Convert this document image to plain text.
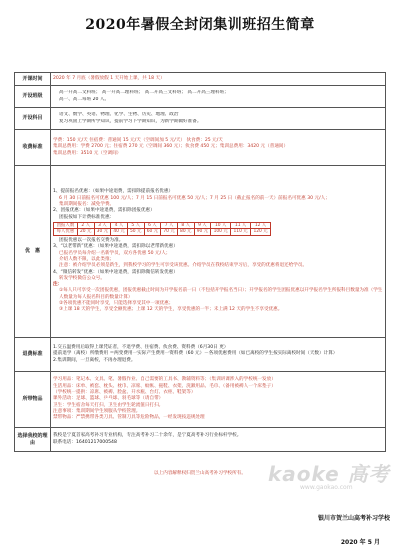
2020年暑假全封闭集训班招生简章
开课时间	2020 年 7 月底（暑假放假 1 天开始上课，共 18 天）
开设班级	
高一升高二文科班； 高一升高二理科班； 高二升高三文科班； 高二升高三理科班；
高一、高二每班 20 人。

开设科目	
语文、数学、英语、物理、化学、生物、历史、地理、政治
复习巩固上学期所学知识，提前学习下学期知识，为新学期做好准备。

收费标准	
学费：150 元/天 住宿费：普通间 15 元/天（空调间加 5 元/天） 伙食费：25 元/天
集训总费用：学费 2700 元；住宿费 270 元（空调间 360 元）；伙食费 450 元；集训总费用：3420 元（普通间）
集训总费用：3510 元（空调间）

优　惠	
1、提前报名优惠：（如果中途退费，需扣除提前报名优惠）
6 月 30 日前报名可优惠 100 元/人；7 月 15 日前报名可优惠 50 元/人；7 月 25 日（截止报名的前一天）前报名可优惠 30 元/人；
集训期间报名：减免学费。
2、团报优惠：（如果中途退费，需扣除团报优惠）
团报按如下计费标准优惠：
团报人数	2 人	3 人	4 人	5 人	6 人	7 人	8 人	9 人	10 人	11 人	12 人
每人优惠	20 元	30 元	40 元	50 元	60 元	70 元	80 元	90 元	100 元	110 元	120 元
团报优惠以一次报名交费为准。
3、“以老带新”优惠：（如果中途退费，需扣除以老带新优惠）
已报名学员每介绍一名新学员，双方各优惠 50 元/人；
介绍人数不限，以此类推；
注意：被介绍学员必须是新生，到我校学习的学生可享受该优惠。介绍学员在我校结束学习后，享受的优惠将退还给学员。
4、“微信转发”优惠：（如果中途退费，需扣除微信转发优惠）
转发学校微信公众号。
注：
①每人只可享受一次团报优惠，团报优惠截止时间为开学报名前一日（不包括开学报名当日）；开学报名的学生团报优惠以开学报名学生所报科目数量为准（学生人数量为每人报名科目的数量计算）
②各项优惠不能同时享受，只能选择享受其中一项优惠；
③上课 18 天的学生，享受全额优惠；上课 12 天的学生，享受优惠的一半；未上满 12 天的学生不享受优惠。

退费标准	
1.交五温费用后取得上课凭证者，不退学费、住宿费、伙食费、资料费（6月30日 更）
提前退学（离校）所缴费用 ＝两变费用一实际产生费用一资料费（60 元）－各项优惠费用（如已离校的学生按实际离校时间（天数）计算）
2.集训期间，一旦离校，不再办理退费。

所带物品	
学习用品：笔记本、文具、笔、暑假作业、自己需要的工具书、教辅资料等；（集训讲课涉入的学校统一发放）
生活用品：床单、被套、枕头、枕巾、凉席、蚊帐、拖鞋、衣架、洗漱用品、毛巾、（备用被褥人一个床垫子）
（学校统一提供：凉席、被褥、脸盆、开水瓶、台灯、衣柜、鞋架等）
课外活动：足球、篮球、乒乓球、羽毛球等（请自带）
卫生：学生宿舍每天打扫，卫生由学生轮流值日打扫。
注意事项：集训期间学生须服从学校管理。
禁带物品：严禁携带各类刀具、管制刀具等危险物品，一经发现按违规处理

选择我校的理由	
我校是宁夏首家高考补习专业机构，专注高考补习二十余年，是宁夏高考补习行业标杆学校。
联系电话：16401217000548
以上内容解释权归贺兰山高考补习学校所有。	kaoke 高考
www.gaokao.com
银川市贺兰山高考补习学校
2020 年 5 月
